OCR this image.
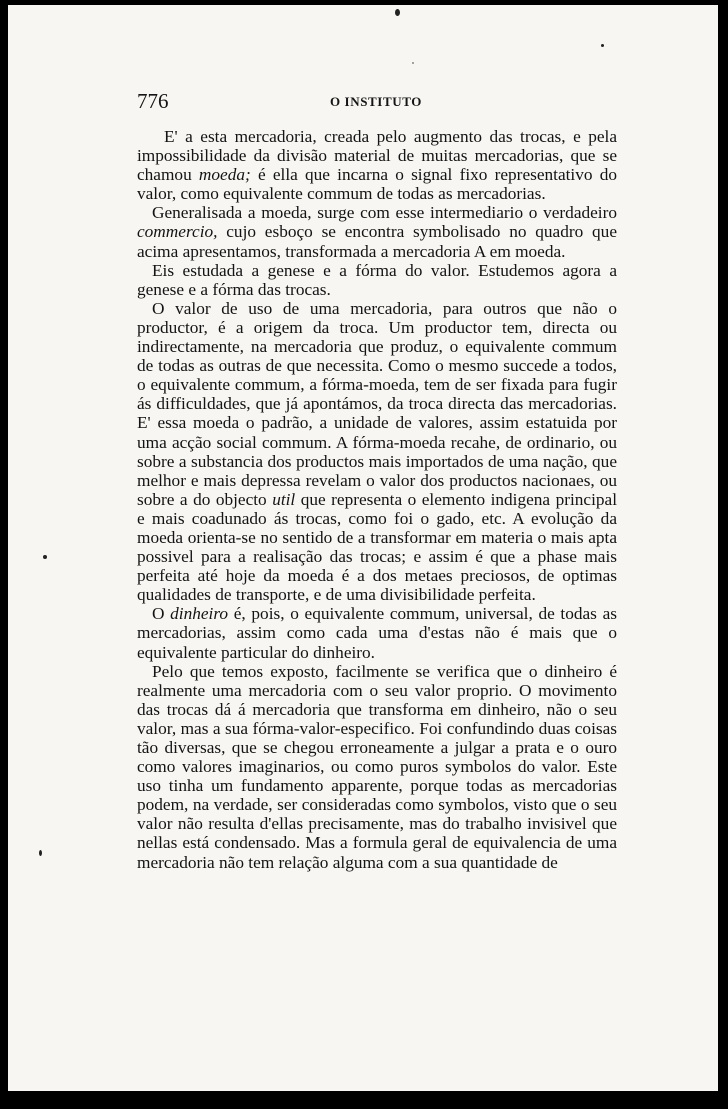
776	O INSTITUTO

E' a esta mercadoria, creada pelo augmento das trocas, e pela impossibilidade da divisão material de muitas mercadorias, que se chamou moeda; é ella que incarna o signal fixo representativo do valor, como equivalente commum de todas as mercadorias.

Generalisada a moeda, surge com esse intermediario o verdadeiro commercio, cujo esboço se encontra symbolisado no quadro que acima apresentamos, transformada a mercadoria A em moeda.

Eis estudada a genese e a fórma do valor. Estudemos agora a genese e a fórma das trocas.

O valor de uso de uma mercadoria, para outros que não o productor, é a origem da troca. Um productor tem, directa ou indirectamente, na mercadoria que produz, o equivalente commum de todas as outras de que necessita. Como o mesmo succede a todos, o equivalente commum, a fórma-moeda, tem de ser fixada para fugir ás difficuldades, que já apontámos, da troca directa das mercadorias. E' essa moeda o padrão, a unidade de valores, assim estatuida por uma acção social commum. A fórma-moeda recahe, de ordinario, ou sobre a substancia dos productos mais importados de uma nação, que melhor e mais depressa revelam o valor dos productos nacionaes, ou sobre a do objecto util que representa o elemento indigena principal e mais coadunado ás trocas, como foi o gado, etc. A evolução da moeda orienta-se no sentido de a transformar em materia o mais apta possivel para a realisação das trocas; e assim é que a phase mais perfeita até hoje da moeda é a dos metaes preciosos, de optimas qualidades de transporte, e de uma divisibilidade perfeita.

O dinheiro é, pois, o equivalente commum, universal, de todas as mercadorias, assim como cada uma d'estas não é mais que o equivalente particular do dinheiro.

Pelo que temos exposto, facilmente se verifica que o dinheiro é realmente uma mercadoria com o seu valor proprio. O movimento das trocas dá á mercadoria que transforma em dinheiro, não o seu valor, mas a sua fórma-valor-especifico. Foi confundindo duas coisas tão diversas, que se chegou erroneamente a julgar a prata e o ouro como valores imaginarios, ou como puros symbolos do valor. Este uso tinha um fundamento apparente, porque todas as mercadorias podem, na verdade, ser consideradas como symbolos, visto que o seu valor não resulta d'ellas precisamente, mas do trabalho invisivel que nellas está condensado. Mas a formula geral de equivalencia de uma mercadoria não tem relação alguma com a sua quantidade de
